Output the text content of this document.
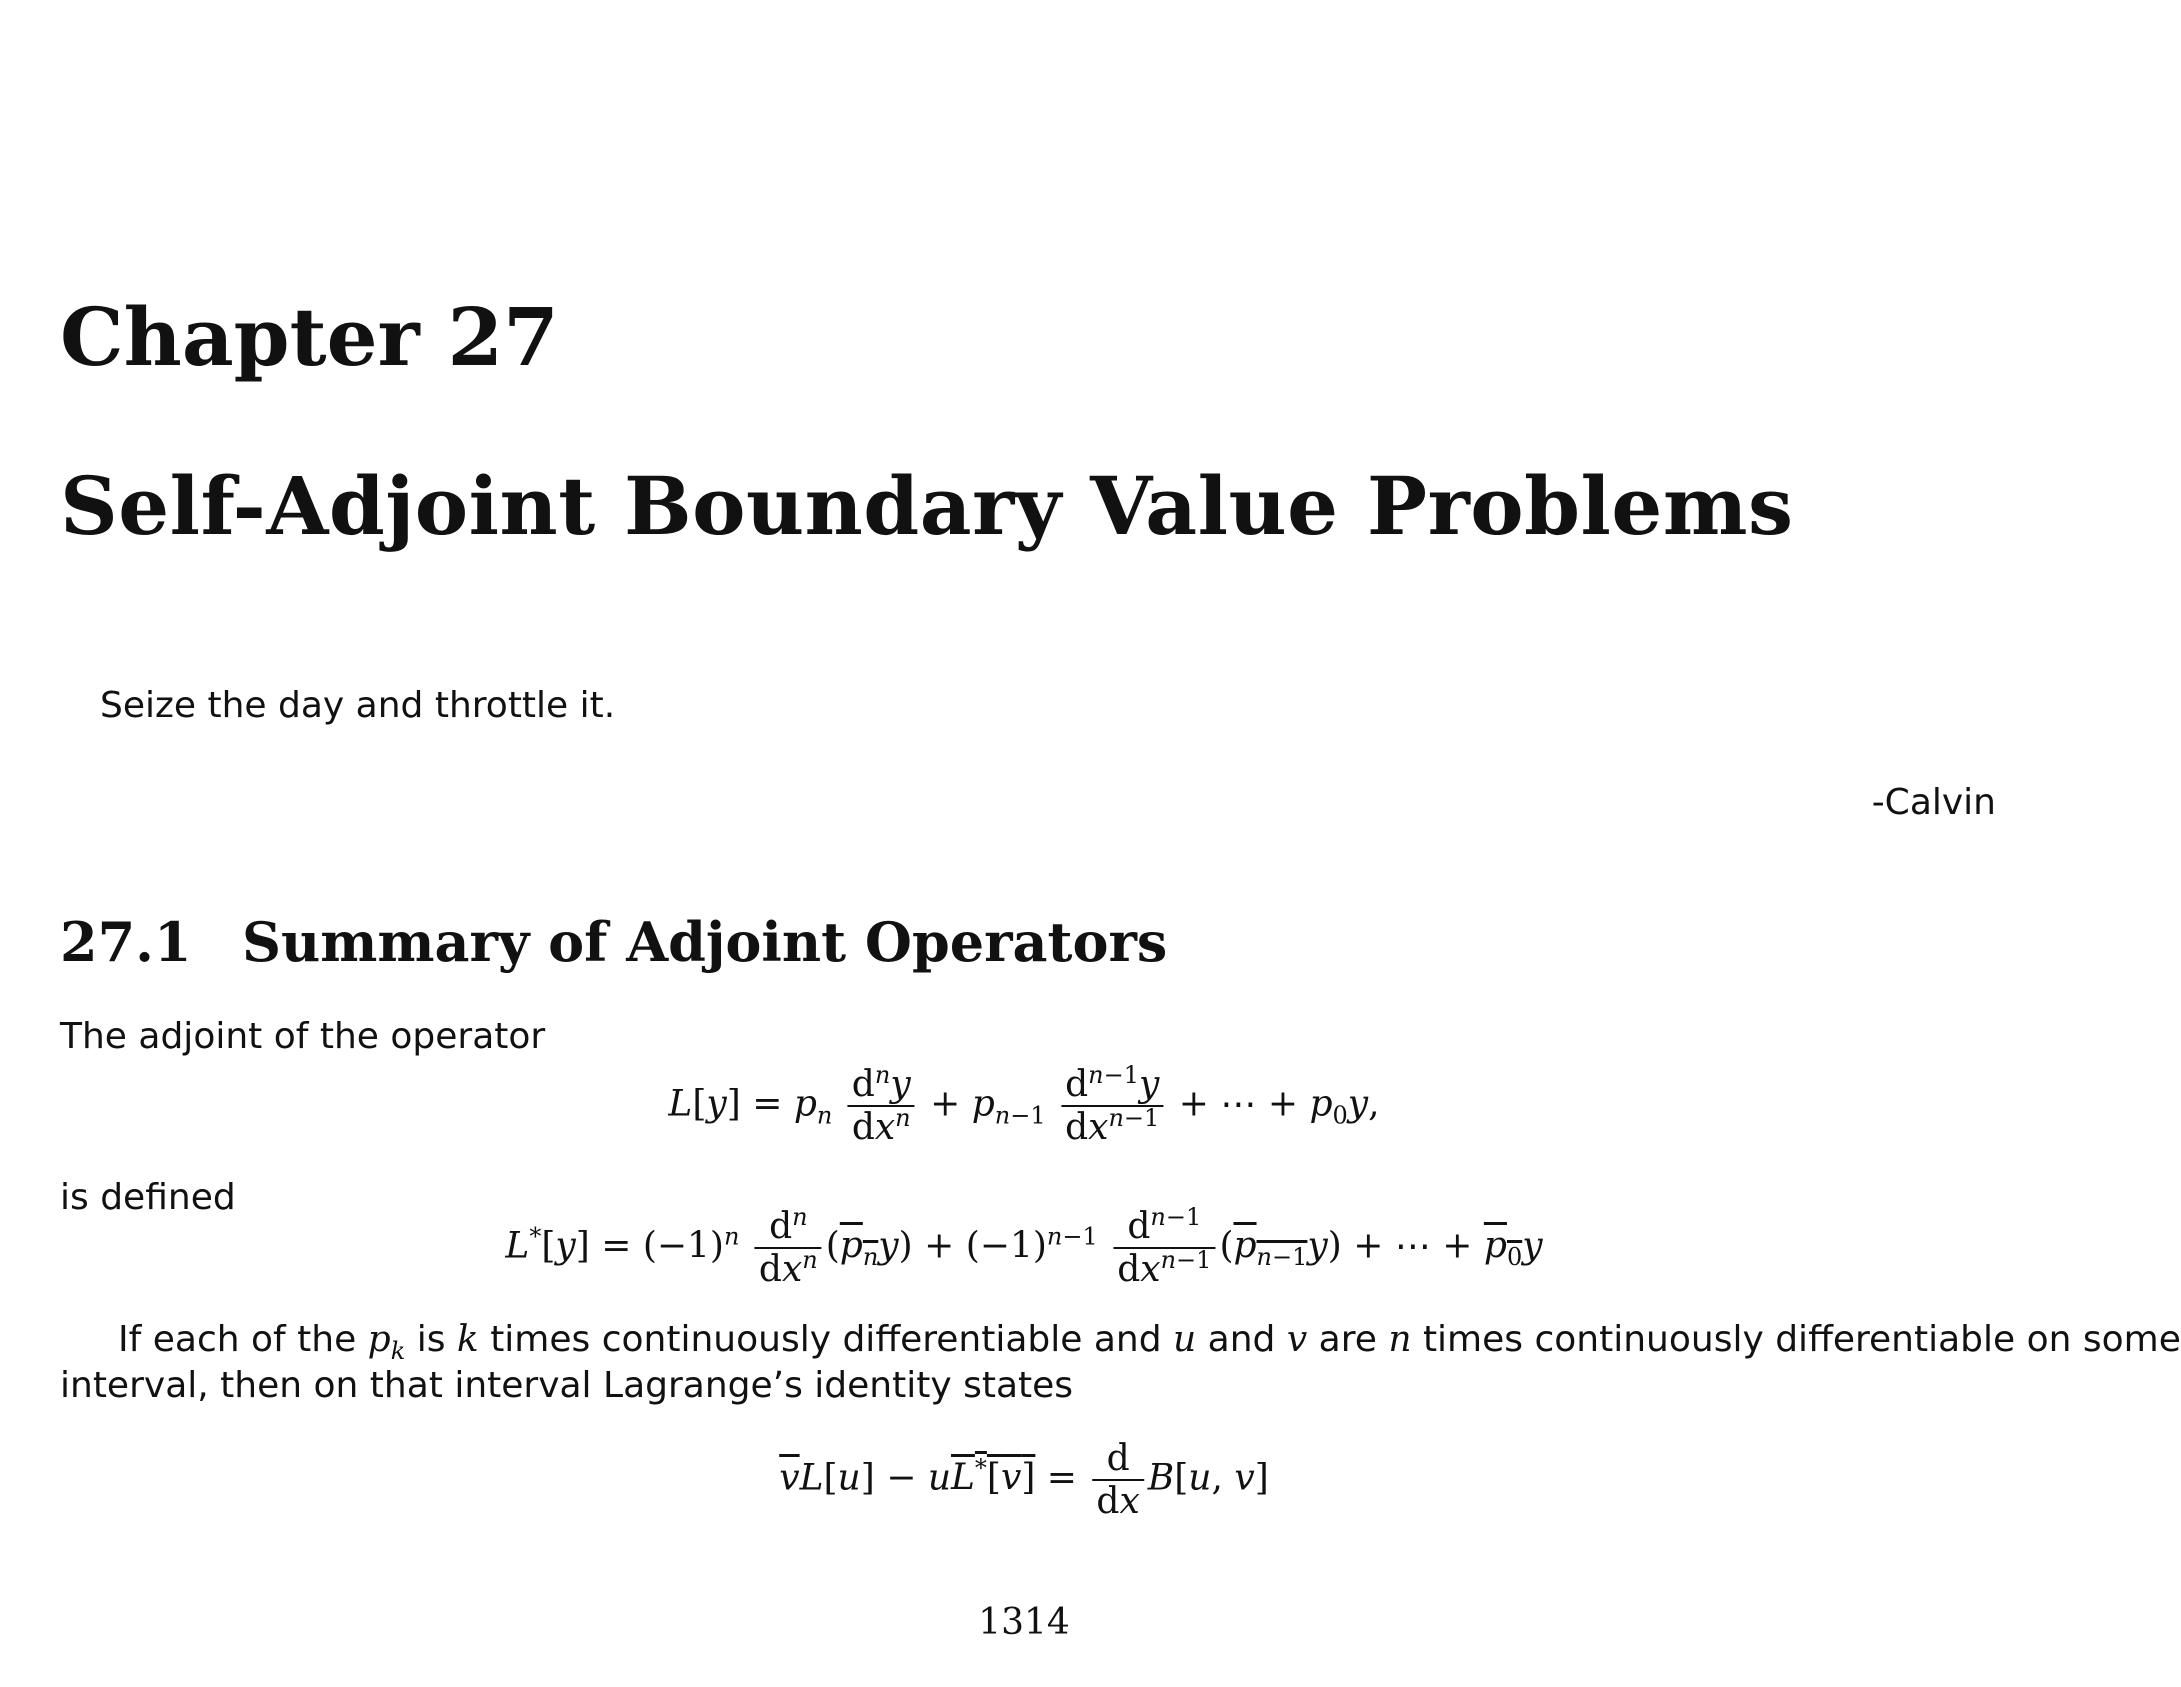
Chapter 27
Self-Adjoint Boundary Value Problems
Seize the day and throttle it.
-Calvin
27.1 Summary of Adjoint Operators
The adjoint of the operator
$L[y] = p_n \frac{d^ny}{dx^n} + p_{n-1} \frac{d^{n-1}y}{dx^{n-1}}$ + ⋯ + $p_0y$,
is defined
$L^*[y] = (-1)^n \frac{d^n}{dx^n} (p_ny) + (-1)^{n-1} \frac{d^{n-1}}{dx^{n-1}} (p_{n-1}y)$ + ⋯ + $p_0y$
If each of the $p_k$ is k times continuously differentiable and u and v are n times continuously differentiable on some
interval, then on that interval Lagrange’s identity states
$\overline{v}L[u] - uL^*[v] = \frac{d}{dx} B[u$, v]
1314
